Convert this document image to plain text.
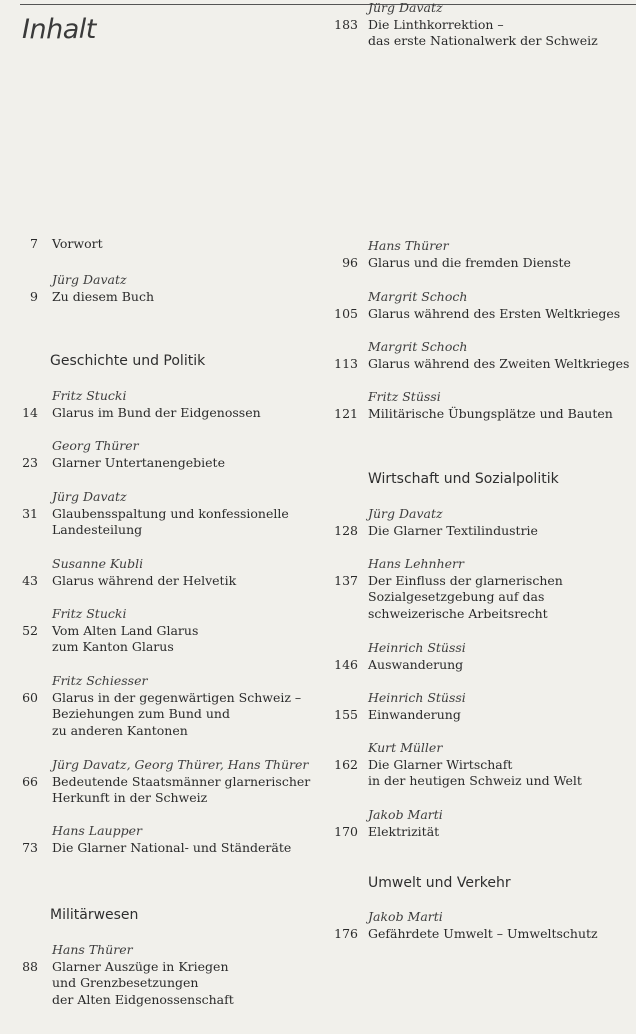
Inhalt
7	Vorwort
Jürg Davatz
9	Zu diesem Buch
Geschichte und Politik
Fritz Stucki
14	Glarus im Bund der Eidgenossen
Georg Thürer
23	Glarner Untertanengebiete
Jürg Davatz
31	Glaubensspaltung und konfessionelle
Landesteilung
Susanne Kubli
43	Glarus während der Helvetik
Fritz Stucki
52	Vom Alten Land Glarus
zum Kanton Glarus
Fritz Schiesser
60	Glarus in der gegenwärtigen Schweiz –
Beziehungen zum Bund und
zu anderen Kantonen
Jürg Davatz, Georg Thürer, Hans Thürer
66	Bedeutende Staatsmänner glarnerischer
Herkunft in der Schweiz
Hans Laupper
73	Die Glarner National- und Ständeräte
Militärwesen
Hans Thürer
88	Glarner Auszüge in Kriegen
und Grenzbesetzungen
der Alten Eidgenossenschaft
Hans Thürer
96 Glarus und die fremden Dienste
Margrit Schoch
105 Glarus während des Ersten Weltkrieges
Margrit Schoch
113 Glarus während des Zweiten Weltkrieges
Fritz Stüssi
121 Militärische Übungsplätze und Bauten
Wirtschaft und Sozialpolitik
Jürg Davatz
128 Die Glarner Textilindustrie
Hans Lehnherr
137 Der Einfluss der glarnerischen
Sozialgesetzgebung auf das
schweizerische Arbeitsrecht
Heinrich Stüssi
146 Auswanderung
Heinrich Stüssi
155 Einwanderung
Kurt Müller
162 Die Glarner Wirtschaft
in der heutigen Schweiz und Welt
Jakob Marti
170 Elektrizität
Umwelt und Verkehr
Jakob Marti
176 Gefährdete Umwelt – Umweltschutz
Jürg Davatz
183 Die Linthkorrektion –
das erste Nationalwerk der Schweiz
